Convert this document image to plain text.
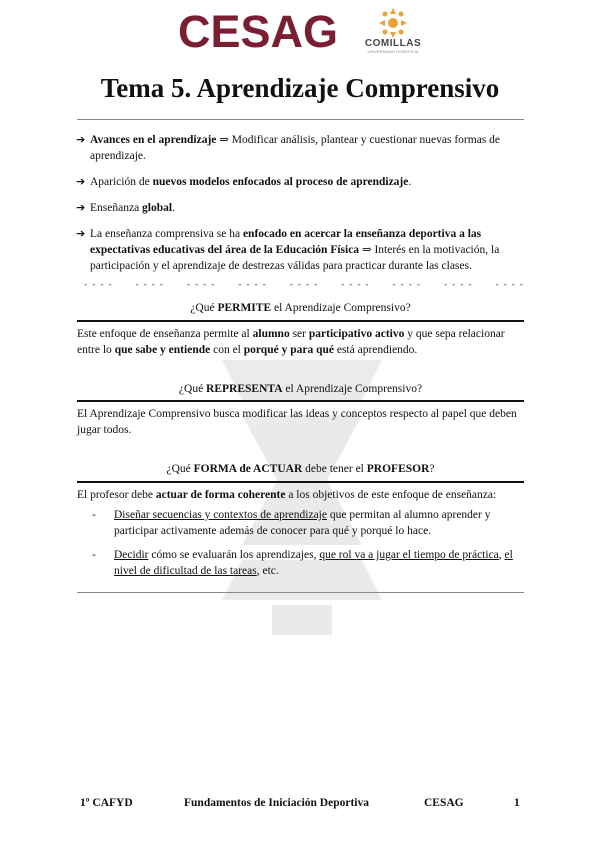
CESAG	COMILLAS
UNIVERSIDAD PONTIFICIA
Tema 5. Aprendizaje Comprensivo
➔ Avances en el aprendizaje ⇒ Modificar análisis, plantear y cuestionar nuevas formas de aprendizaje.
➔ Aparición de nuevos modelos enfocados al proceso de aprendizaje.
➔ Enseñanza global.
➔ La enseñanza comprensiva se ha enfocado en acercar la enseñanza deportiva a las expectativas educativas del área de la Educación Física ⇒ Interés en la motivación, la participación y el aprendizaje de destrezas válidas para practicar durante las clases.
- - - -	- - - -	- - - -	- - - -	- - - -	- - - -	- - - -	- - - -	- - - -
¿Qué PERMITE el Aprendizaje Comprensivo?
Este enfoque de enseñanza permite al alumno ser participativo activo y que sepa relacionar entre lo que sabe y entiende con el porqué y para qué está aprendiendo.
¿Qué REPRESENTA el Aprendizaje Comprensivo?
El Aprendizaje Comprensivo busca modificar las ideas y conceptos respecto al papel que deben jugar todos.
¿Qué FORMA de ACTUAR debe tener el PROFESOR?
El profesor debe actuar de forma coherente a los objetivos de este enfoque de enseñanza:
- Diseñar secuencias y contextos de aprendizaje que permitan al alumno aprender y participar activamente además de conocer para qué y porqué lo hace.
- Decidir cómo se evaluarán los aprendizajes, que rol va a jugar el tiempo de práctica, el nivel de dificultad de las tareas, etc.
1º CAFYD	Fundamentos de Iniciación Deportiva	CESAG	1
